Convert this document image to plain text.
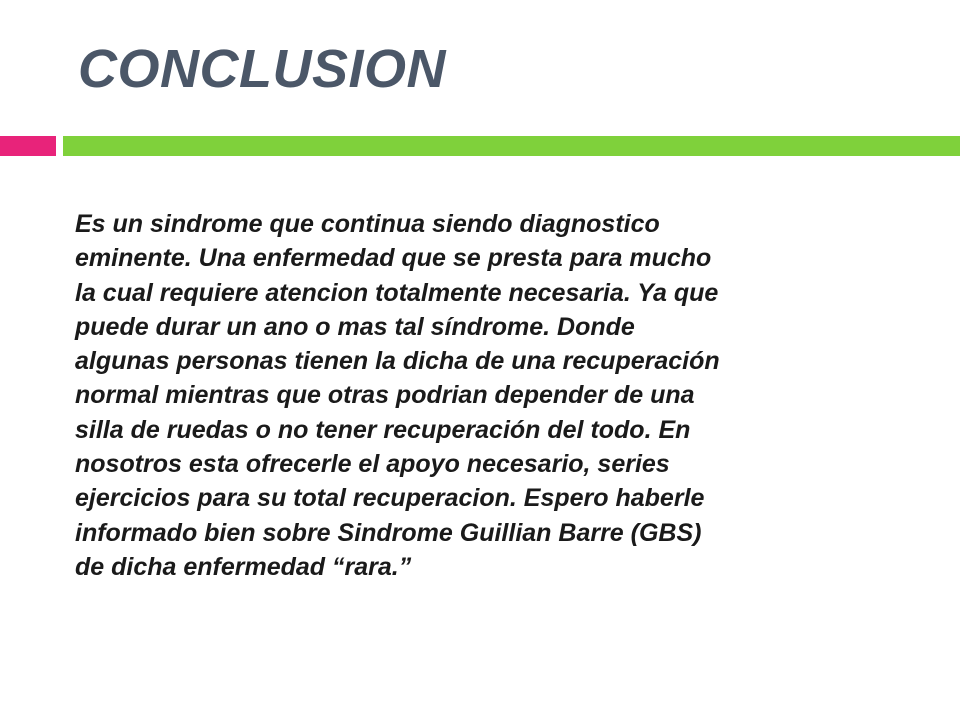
CONCLUSION

Es un sindrome que continua siendo diagnostico
eminente. Una enfermedad que se presta para mucho
la cual requiere atencion totalmente necesaria. Ya que
puede durar un ano o mas tal síndrome. Donde
algunas personas tienen la dicha de una recuperación
normal mientras que otras podrian depender de una
silla de ruedas o no tener recuperación del todo. En
nosotros esta ofrecerle el apoyo necesario, series
ejercicios para su total recuperacion. Espero haberle
informado bien sobre Sindrome Guillian Barre (GBS)
de dicha enfermedad “rara.”
